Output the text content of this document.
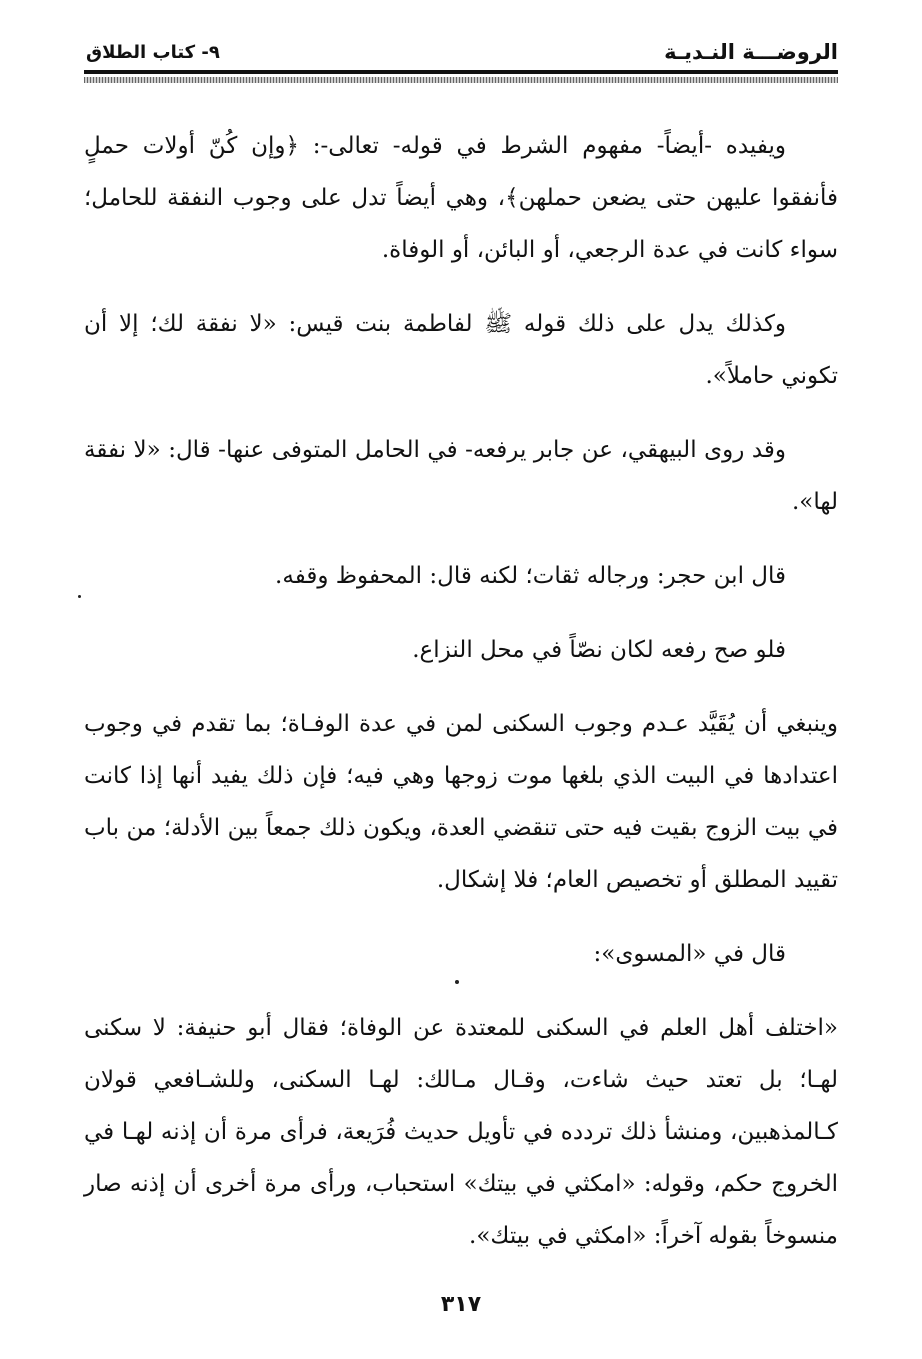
الروضـــة النـديـة
٩- كتاب الطلاق

ويفيده -أيضاً- مفهوم الشرط في قوله- تعالى-: ﴿وإن كُنّ أولات حملٍ فأنفقوا عليهن حتى يضعن حملهن﴾، وهي أيضاً تدل على وجوب النفقة للحامل؛ سواء كانت في عدة الرجعي، أو البائن، أو الوفاة.

وكذلك يدل على ذلك قوله ﷺ لفاطمة بنت قيس: «لا نفقة لك؛ إلا أن تكوني حاملاً».

وقد روى البيهقي، عن جابر يرفعه- في الحامل المتوفى عنها- قال: «لا نفقة لها».

قال ابن حجر: ورجاله ثقات؛ لكنه قال: المحفوظ وقفه.

فلو صح رفعه لكان نصّاً في محل النزاع.

وينبغي أن يُقَيَّد عـدم وجوب السكنى لمن في عدة الوفـاة؛ بما تقدم في وجوب اعتدادها في البيت الذي بلغها موت زوجها وهي فيه؛ فإن ذلك يفيد أنها إذا كانت في بيت الزوج بقيت فيه حتى تنقضي العدة، ويكون ذلك جمعاً بين الأدلة؛ من باب تقييد المطلق أو تخصيص العام؛ فلا إشكال.

قال في «المسوى»:

«اختلف أهل العلم في السكنى للمعتدة عن الوفاة؛ فقال أبو حنيفة: لا سكنى لهـا؛ بل تعتد حيث شاءت، وقـال مـالك: لهـا السكنى، وللشـافعي قولان كـالمذهبين، ومنشأ ذلك تردده في تأويل حديث فُرَيعة، فرأى مرة أن إذنه لهـا في الخروج حكم، وقوله: «امكثي في بيتك» استحباب، ورأى مرة أخرى أن إذنه صار منسوخاً بقوله آخراً: «امكثي في بيتك».

٣١٧
